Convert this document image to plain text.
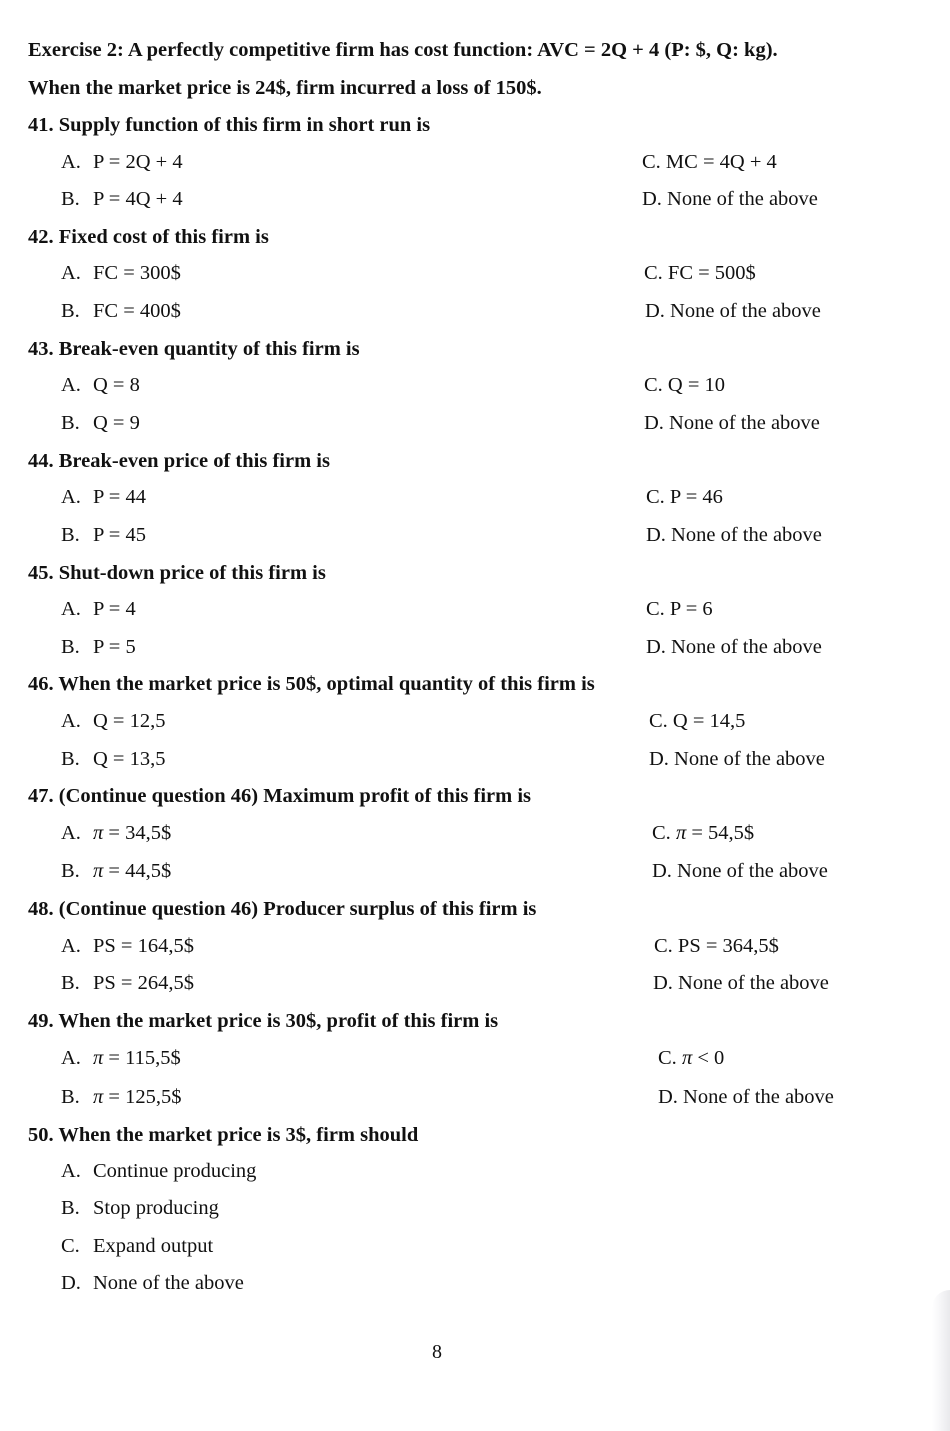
Exercise 2: A perfectly competitive firm has cost function: AVC = 2Q + 4 (P: $, Q: kg).
When the market price is 24$, firm incurred a loss of 150$.
41. Supply function of this firm in short run is
A. P = 2Q + 4	C. MC = 4Q + 4
B. P = 4Q + 4	D. None of the above
42. Fixed cost of this firm is
A. FC = 300$	C. FC = 500$
B. FC = 400$	D. None of the above
43. Break-even quantity of this firm is
A. Q = 8	C. Q = 10
B. Q = 9	D. None of the above
44. Break-even price of this firm is
A. P = 44	C. P = 46
B. P = 45	D. None of the above
45. Shut-down price of this firm is
A. P = 4	C. P = 6
B. P = 5	D. None of the above
46. When the market price is 50$, optimal quantity of this firm is
A. Q = 12,5	C. Q = 14,5
B. Q = 13,5	D. None of the above
47. (Continue question 46) Maximum profit of this firm is
A. π = 34,5$	C. π = 54,5$
B. π = 44,5$	D. None of the above
48. (Continue question 46) Producer surplus of this firm is
A. PS = 164,5$	C. PS = 364,5$
B. PS = 264,5$	D. None of the above
49. When the market price is 30$, profit of this firm is
A. π = 115,5$	C. π < 0
B. π = 125,5$	D. None of the above
50. When the market price is 3$, firm should
A. Continue producing
B. Stop producing
C. Expand output
D. None of the above
8
